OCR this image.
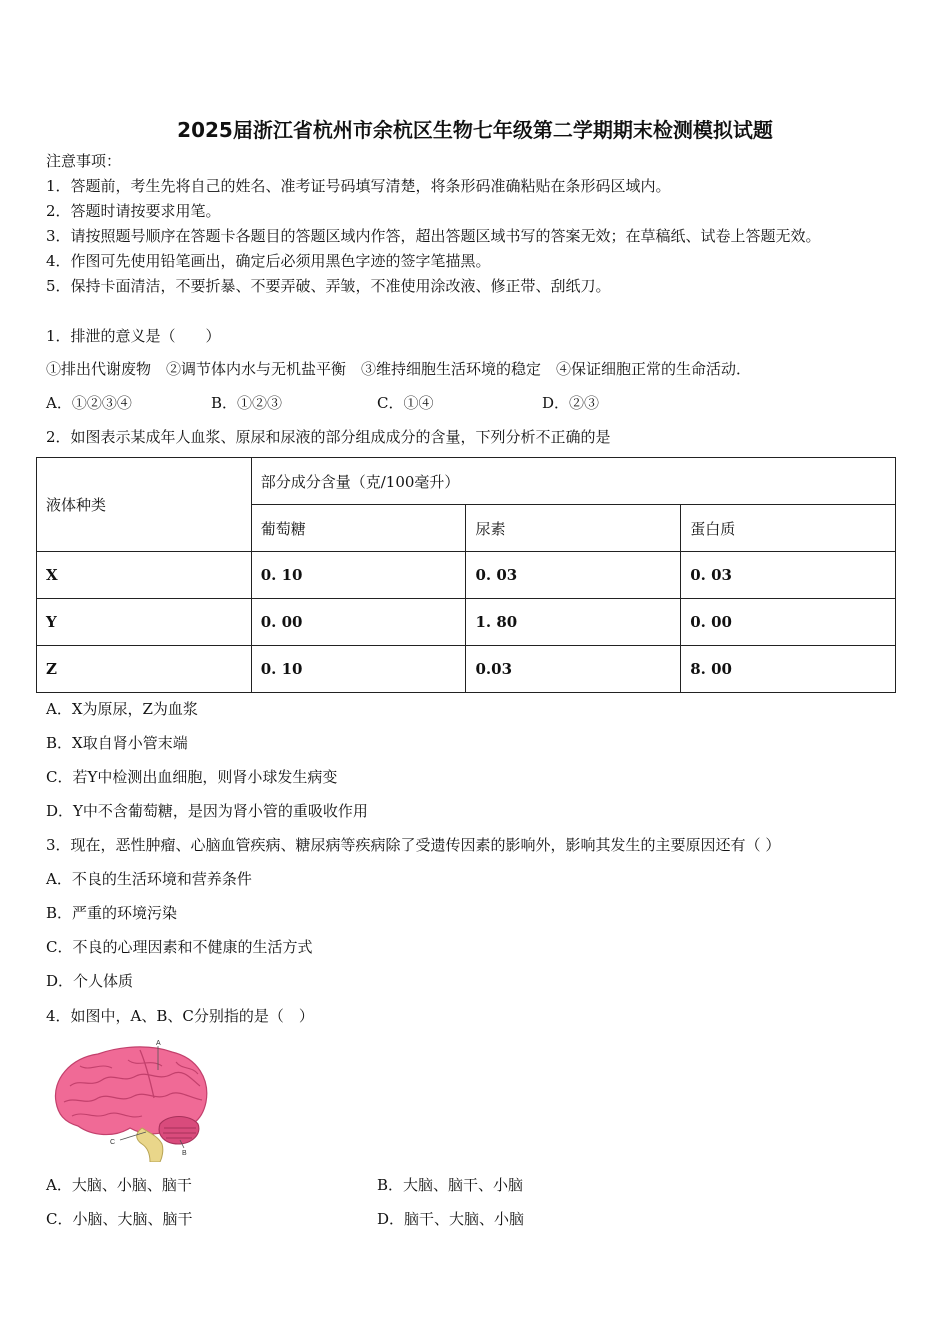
2025届浙江省杭州市余杭区生物七年级第二学期期末检测模拟试题
注意事项：
1．答题前，考生先将自己的姓名、准考证号码填写清楚，将条形码准确粘贴在条形码区域内。
2．答题时请按要求用笔。
3．请按照题号顺序在答题卡各题目的答题区域内作答，超出答题区域书写的答案无效；在草稿纸、试卷上答题无效。
4．作图可先使用铅笔画出，确定后必须用黑色字迹的签字笔描黑。
5．保持卡面清洁，不要折暴、不要弄破、弄皱，不准使用涂改液、修正带、刮纸刀。
1．排泄的意义是（　　）
①排出代谢废物　②调节体内水与无机盐平衡　③维持细胞生活环境的稳定　④保证细胞正常的生命活动．
A．①②③④	B．①②③	C．①④	D．②③
2．如图表示某成年人血浆、原尿和尿液的部分组成成分的含量，下列分析不正确的是
液体种类	部分成分含量（克/100毫升）		
	葡萄糖	尿素	蛋白质
X	0. 10	0. 03	0. 03
Y	0. 00	1. 80	0. 00
Z	0. 10	0.03	8. 00
A．X为原尿，Z为血浆
B．X取自肾小管末端
C．若Y中检测出血细胞，则肾小球发生病变
D．Y中不含葡萄糖，是因为肾小管的重吸收作用
3．现在，恶性肿瘤、心脑血管疾病、糖尿病等疾病除了受遗传因素的影响外，影响其发生的主要原因还有（ ）
A．不良的生活环境和营养条件
B．严重的环境污染
C．不良的心理因素和不健康的生活方式
D．个人体质
4．如图中，A、B、C分别指的是（　）
A
B
C
A．大脑、小脑、脑干	B．大脑、脑干、小脑
C．小脑、大脑、脑干	D．脑干、大脑、小脑
